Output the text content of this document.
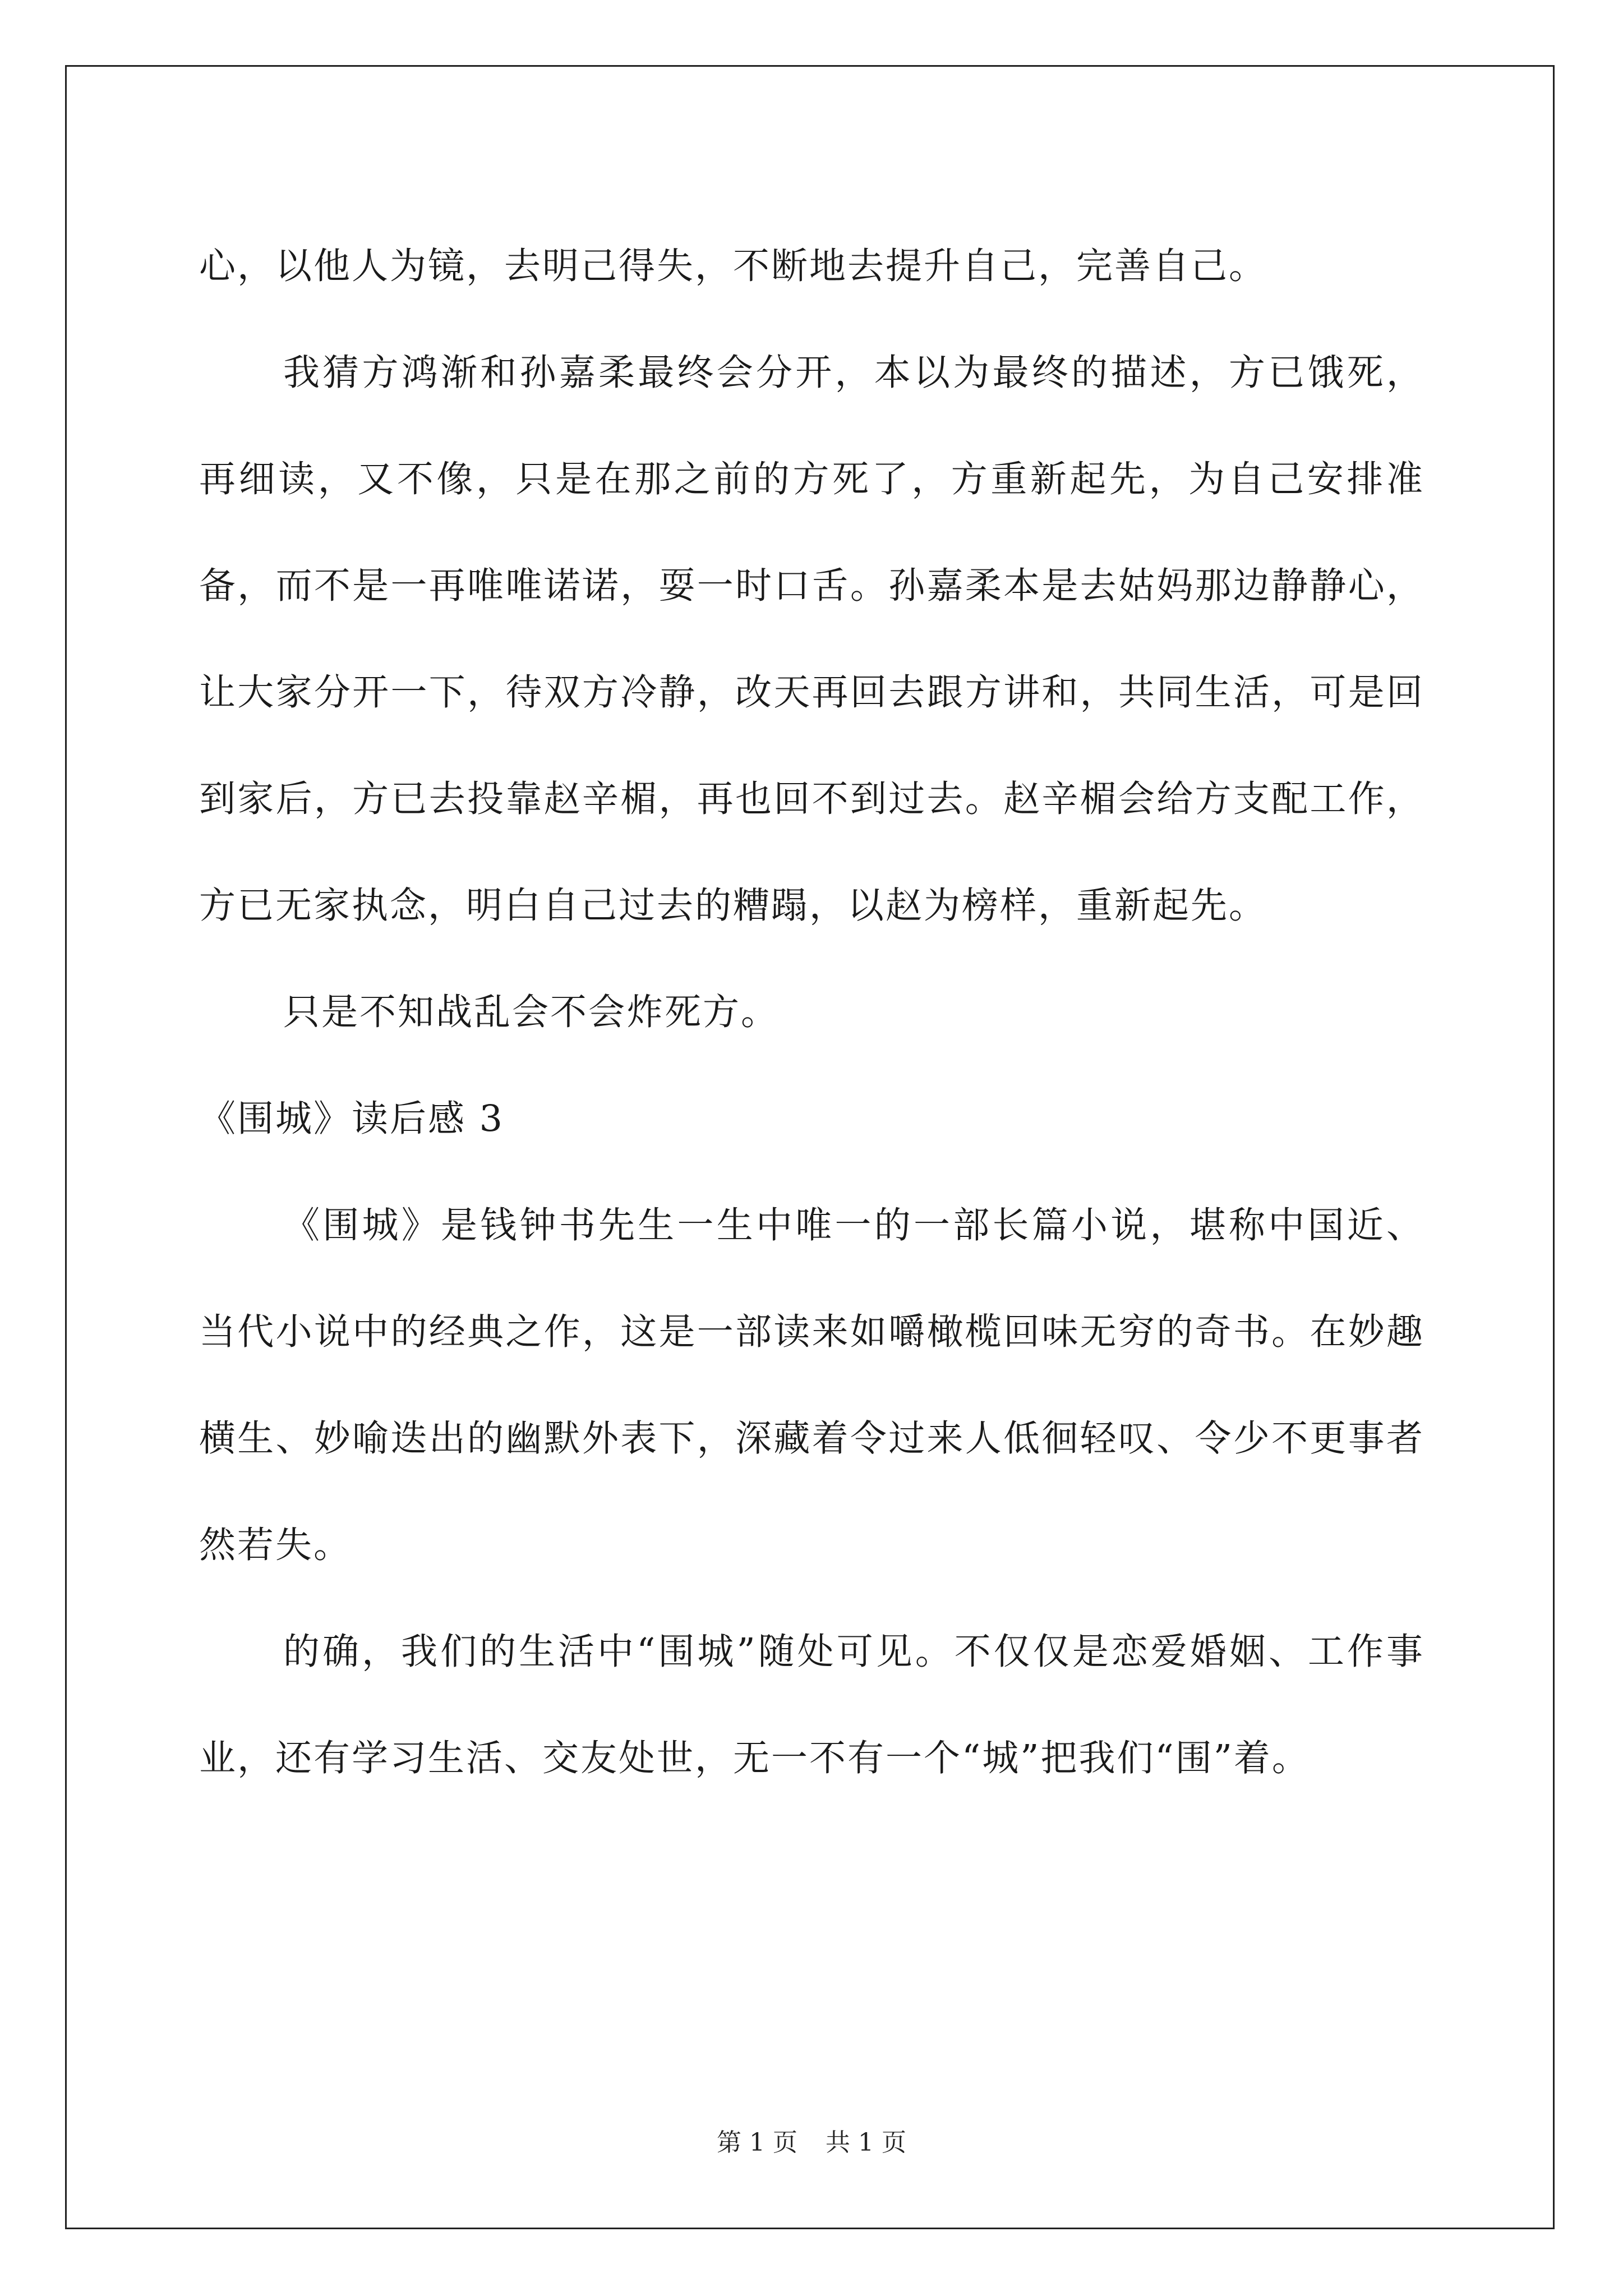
心，以他人为镜，去明己得失，不断地去提升自己，完善自己。

我猜方鸿渐和孙嘉柔最终会分开，本以为最终的描述，方已饿死，再细读，又不像，只是在那之前的方死了，方重新起先，为自己安排准备，而不是一再唯唯诺诺，耍一时口舌。孙嘉柔本是去姑妈那边静静心，让大家分开一下，待双方冷静，改天再回去跟方讲和，共同生活，可是回到家后，方已去投靠赵辛楣，再也回不到过去。赵辛楣会给方支配工作，方已无家执念，明白自己过去的糟蹋，以赵为榜样，重新起先。

只是不知战乱会不会炸死方。

《围城》读后感 3

《围城》是钱钟书先生一生中唯一的一部长篇小说，堪称中国近、当代小说中的经典之作，这是一部读来如嚼橄榄回味无穷的奇书。在妙趣横生、妙喻迭出的幽默外表下，深藏着令过来人低徊轻叹、令少不更事者然若失。

的确，我们的生活中“围城”随处可见。不仅仅是恋爱婚姻、工作事业，还有学习生活、交友处世，无一不有一个“城”把我们“围”着。

第 1 页 共 1 页
